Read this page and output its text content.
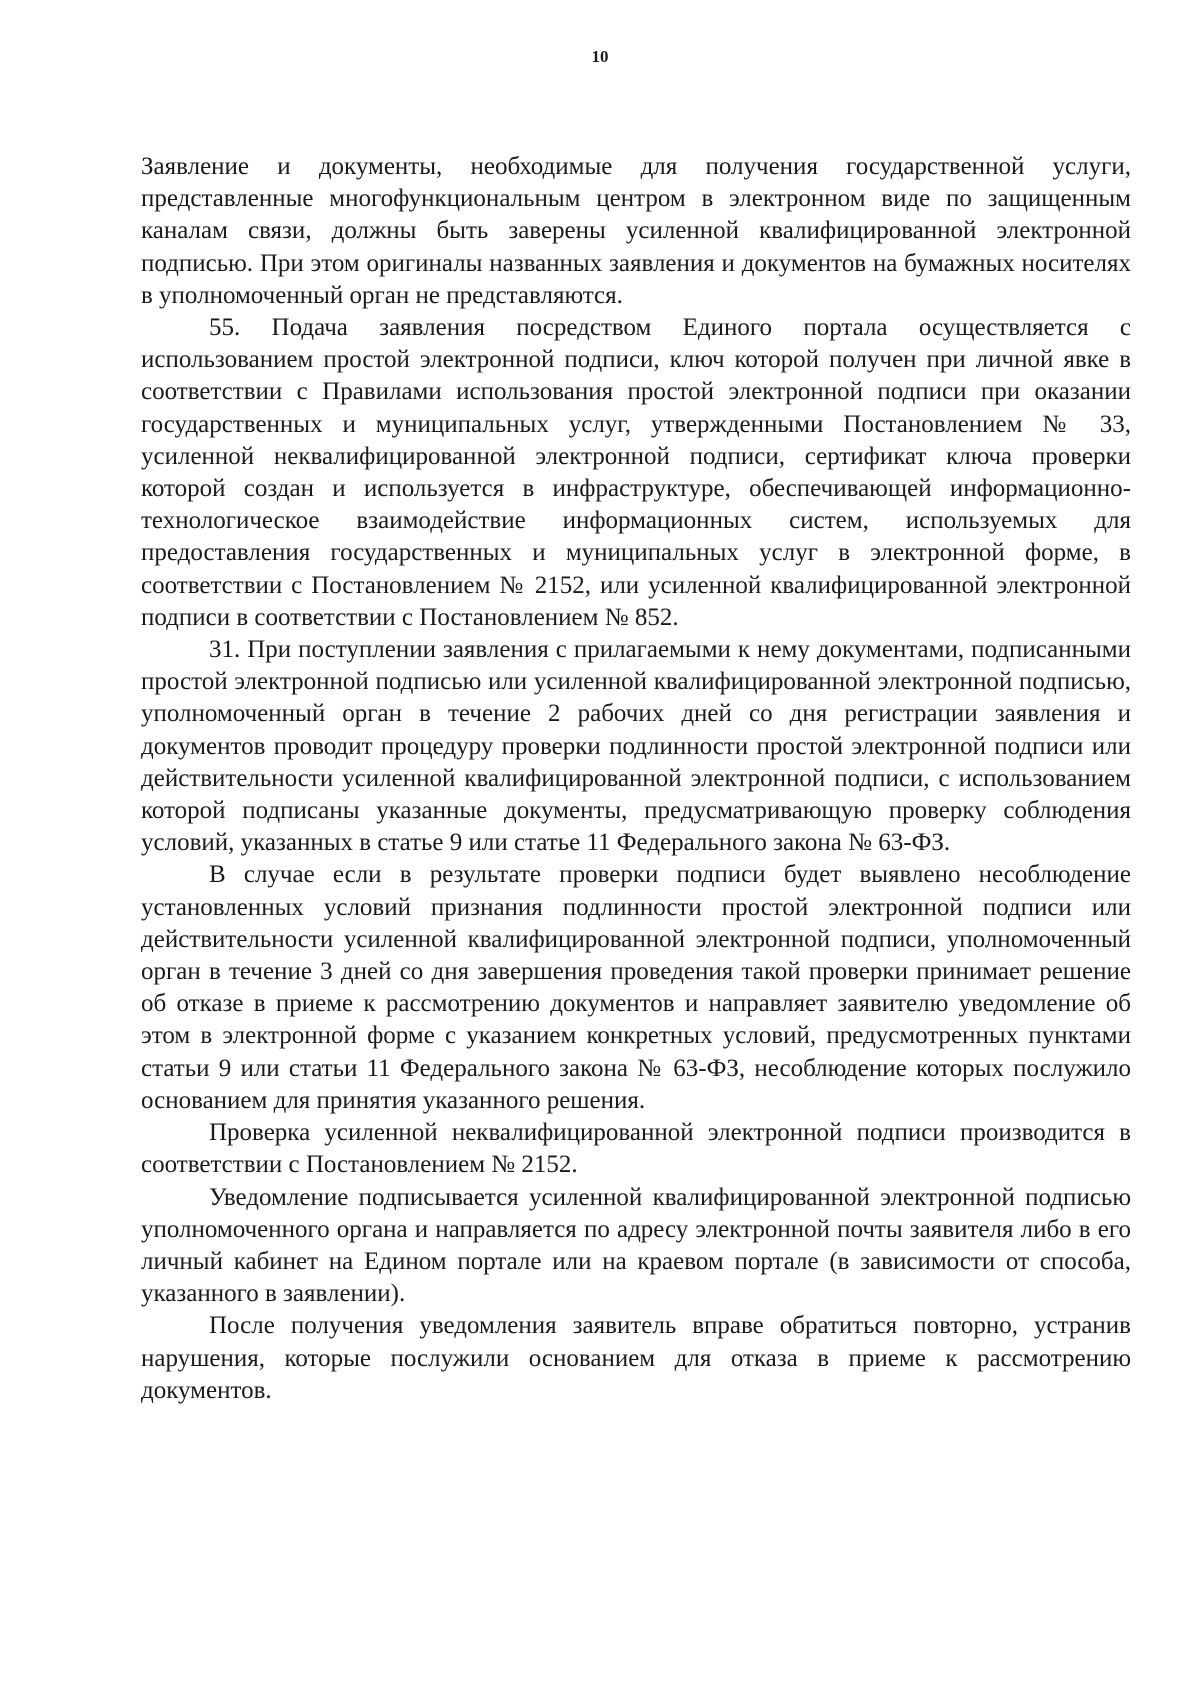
10

Заявление и документы, необходимые для получения государственной услуги, представленные многофункциональным центром в электронном виде по защищенным каналам связи, должны быть заверены усиленной квалифицированной электронной подписью. При этом оригиналы названных заявления и документов на бумажных носителях в уполномоченный орган не представляются.

55. Подача заявления посредством Единого портала осуществляется с использованием простой электронной подписи, ключ которой получен при личной явке в соответствии с Правилами использования простой электронной подписи при оказании государственных и муниципальных услуг, утвержденными Постановлением № 33, усиленной неквалифицированной электронной подписи, сертификат ключа проверки которой создан и используется в инфраструктуре, обеспечивающей информационно-технологическое взаимодействие информационных систем, используемых для предоставления государственных и муниципальных услуг в электронной форме, в соответствии с Постановлением № 2152, или усиленной квалифицированной электронной подписи в соответствии с Постановлением № 852.

31. При поступлении заявления с прилагаемыми к нему документами, подписанными простой электронной подписью или усиленной квалифицированной электронной подписью, уполномоченный орган в течение 2 рабочих дней со дня регистрации заявления и документов проводит процедуру проверки подлинности простой электронной подписи или действительности усиленной квалифицированной электронной подписи, с использованием которой подписаны указанные документы, предусматривающую проверку соблюдения условий, указанных в статье 9 или статье 11 Федерального закона № 63-ФЗ.

В случае если в результате проверки подписи будет выявлено несоблюдение установленных условий признания подлинности простой электронной подписи или действительности усиленной квалифицированной электронной подписи, уполномоченный орган в течение 3 дней со дня завершения проведения такой проверки принимает решение об отказе в приеме к рассмотрению документов и направляет заявителю уведомление об этом в электронной форме с указанием конкретных условий, предусмотренных пунктами статьи 9 или статьи 11 Федерального закона № 63-ФЗ, несоблюдение которых послужило основанием для принятия указанного решения.

Проверка усиленной неквалифицированной электронной подписи производится в соответствии с Постановлением № 2152.

Уведомление подписывается усиленной квалифицированной электронной подписью уполномоченного органа и направляется по адресу электронной почты заявителя либо в его личный кабинет на Едином портале или на краевом портале (в зависимости от способа, указанного в заявлении).

После получения уведомления заявитель вправе обратиться повторно, устранив нарушения, которые послужили основанием для отказа в приеме к рассмотрению документов.
